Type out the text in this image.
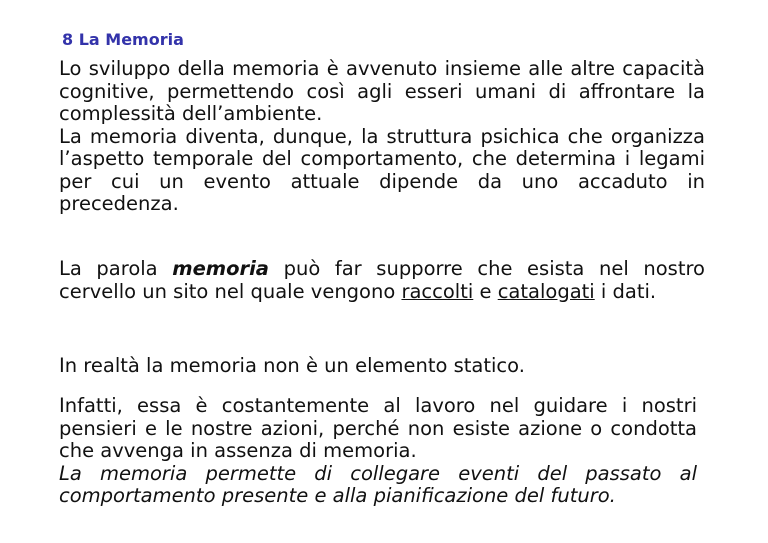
8 La Memoria

Lo sviluppo della memoria è avvenuto insieme alle altre capacità cognitive, permettendo così agli esseri umani di affrontare la complessità dell’ambiente.

La memoria diventa, dunque, la struttura psichica che organizza l’aspetto temporale del comportamento, che determina i legami per cui un evento attuale dipende da uno accaduto in precedenza.

La parola memoria può far supporre che esista nel nostro cervello un sito nel quale vengono raccolti e catalogati i dati.

In realtà la memoria non è un elemento statico.

Infatti, essa è costantemente al lavoro nel guidare i nostri pensieri e le nostre azioni, perché non esiste azione o condotta che avvenga in assenza di memoria.

La memoria permette di collegare eventi del passato al comportamento presente e alla pianificazione del futuro.
